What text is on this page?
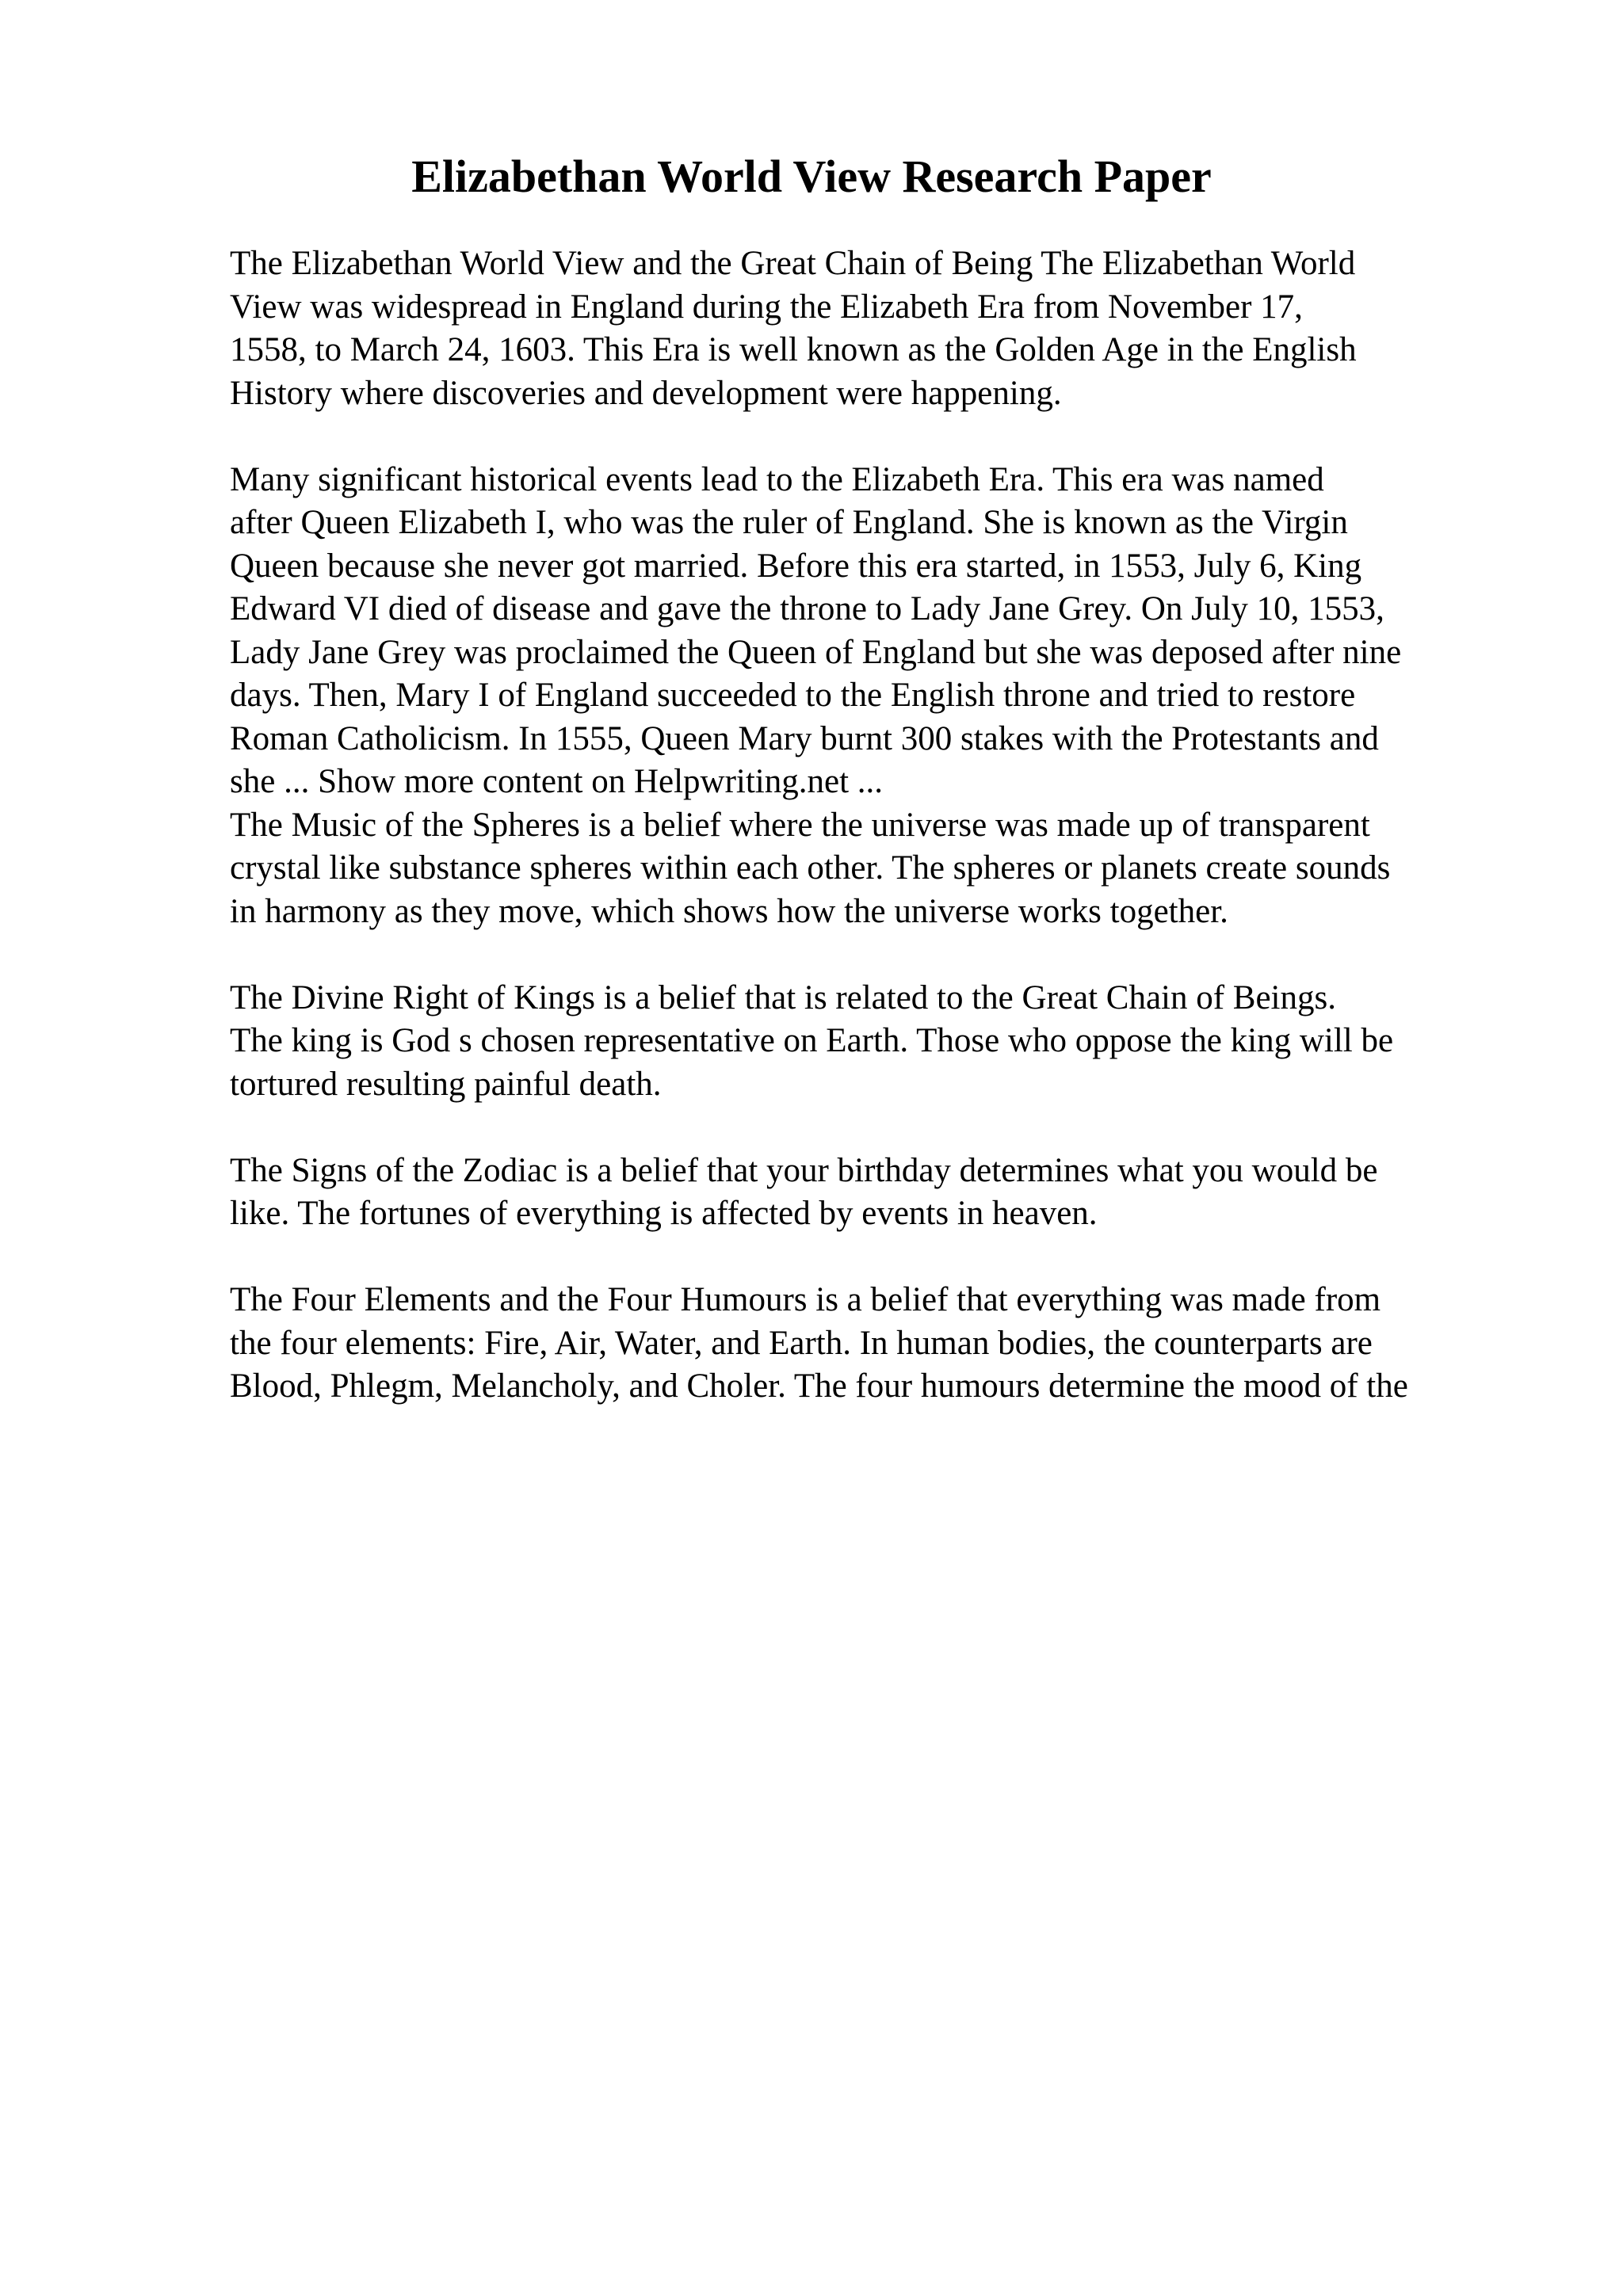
Elizabethan World View Research Paper
The Elizabethan World View and the Great Chain of Being The Elizabethan World
View was widespread in England during the Elizabeth Era from November 17,
1558, to March 24, 1603. This Era is well known as the Golden Age in the English
History where discoveries and development were happening.
Many significant historical events lead to the Elizabeth Era. This era was named
after Queen Elizabeth I, who was the ruler of England. She is known as the Virgin
Queen because she never got married. Before this era started, in 1553, July 6, King
Edward VI died of disease and gave the throne to Lady Jane Grey. On July 10, 1553,
Lady Jane Grey was proclaimed the Queen of England but she was deposed after nine
days. Then, Mary I of England succeeded to the English throne and tried to restore
Roman Catholicism. In 1555, Queen Mary burnt 300 stakes with the Protestants and
she ... Show more content on Helpwriting.net ...
The Music of the Spheres is a belief where the universe was made up of transparent
crystal like substance spheres within each other. The spheres or planets create sounds
in harmony as they move, which shows how the universe works together.
The Divine Right of Kings is a belief that is related to the Great Chain of Beings.
The king is God s chosen representative on Earth. Those who oppose the king will be
tortured resulting painful death.
The Signs of the Zodiac is a belief that your birthday determines what you would be
like. The fortunes of everything is affected by events in heaven.
The Four Elements and the Four Humours is a belief that everything was made from
the four elements: Fire, Air, Water, and Earth. In human bodies, the counterparts are
Blood, Phlegm, Melancholy, and Choler. The four humours determine the mood of the
